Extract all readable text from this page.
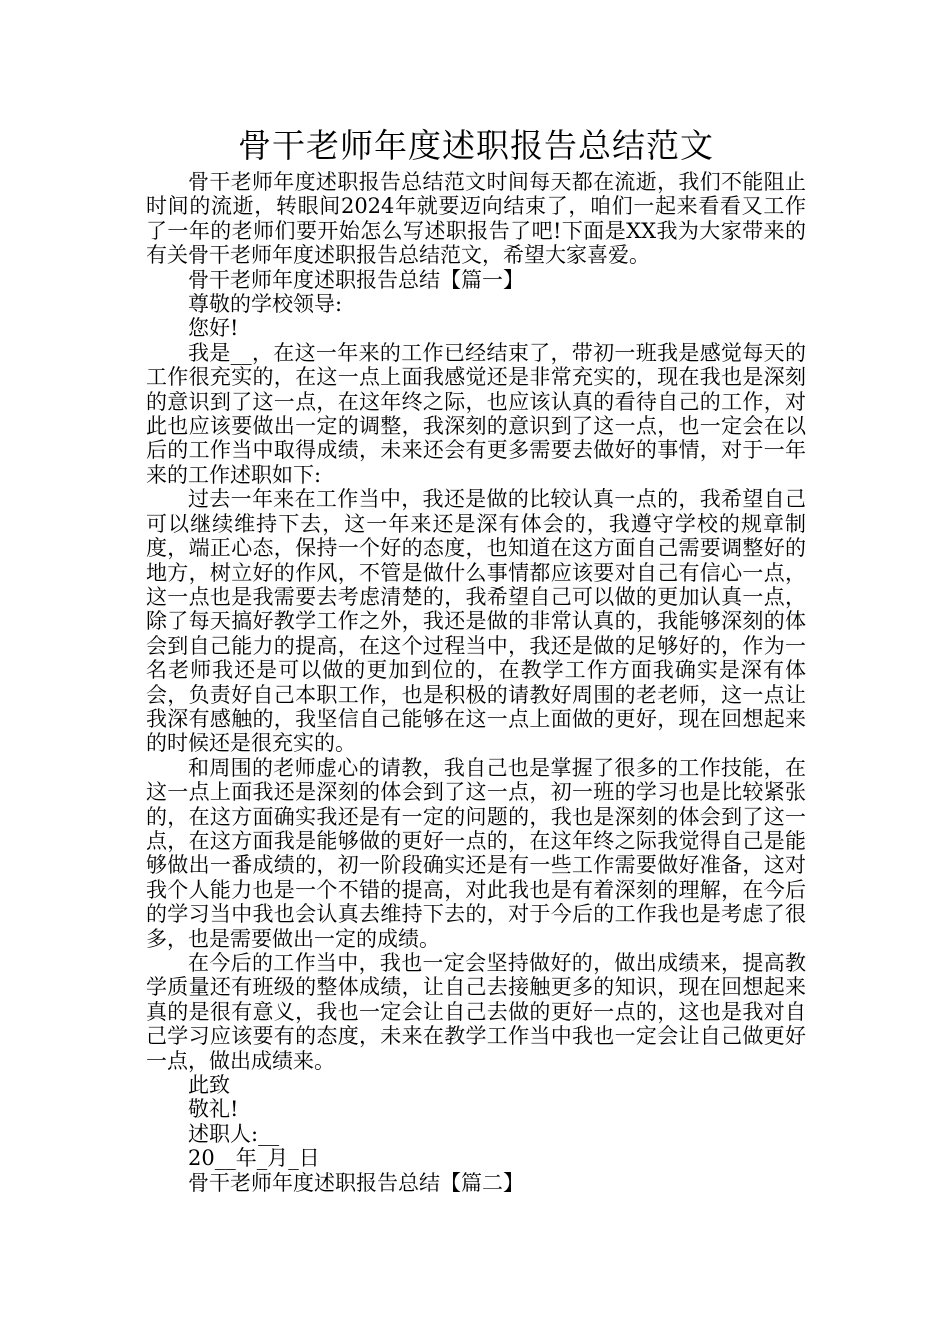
骨干老师年度述职报告总结范文

骨干老师年度述职报告总结范文时间每天都在流逝，我们不能阻止时间的流逝，转眼间2024年就要迈向结束了，咱们一起来看看又工作了一年的老师们要开始怎么写述职报告了吧!下面是XX我为大家带来的有关骨干老师年度述职报告总结范文，希望大家喜爱。

骨干老师年度述职报告总结【篇一】

尊敬的学校领导:

您好!

我是__，在这一年来的工作已经结束了，带初一班我是感觉每天的工作很充实的，在这一点上面我感觉还是非常充实的，现在我也是深刻的意识到了这一点，在这年终之际，也应该认真的看待自己的工作，对此也应该要做出一定的调整，我深刻的意识到了这一点，也一定会在以后的工作当中取得成绩，未来还会有更多需要去做好的事情，对于一年来的工作述职如下:

过去一年来在工作当中，我还是做的比较认真一点的，我希望自己可以继续维持下去，这一年来还是深有体会的，我遵守学校的规章制度，端正心态，保持一个好的态度，也知道在这方面自己需要调整好的地方，树立好的作风，不管是做什么事情都应该要对自己有信心一点，这一点也是我需要去考虑清楚的，我希望自己可以做的更加认真一点，除了每天搞好教学工作之外，我还是做的非常认真的，我能够深刻的体会到自己能力的提高，在这个过程当中，我还是做的足够好的，作为一名老师我还是可以做的更加到位的，在教学工作方面我确实是深有体会，负责好自己本职工作，也是积极的请教好周围的老老师，这一点让我深有感触的，我坚信自己能够在这一点上面做的更好，现在回想起来的时候还是很充实的。

和周围的老师虚心的请教，我自己也是掌握了很多的工作技能，在这一点上面我还是深刻的体会到了这一点，初一班的学习也是比较紧张的，在这方面确实我还是有一定的问题的，我也是深刻的体会到了这一点，在这方面我是能够做的更好一点的，在这年终之际我觉得自己是能够做出一番成绩的，初一阶段确实还是有一些工作需要做好准备，这对我个人能力也是一个不错的提高，对此我也是有着深刻的理解，在今后的学习当中我也会认真去维持下去的，对于今后的工作我也是考虑了很多，也是需要做出一定的成绩。

在今后的工作当中，我也一定会坚持做好的，做出成绩来，提高教学质量还有班级的整体成绩，让自己去接触更多的知识，现在回想起来真的是很有意义，我也一定会让自己去做的更好一点的，这也是我对自己学习应该要有的态度，未来在教学工作当中我也一定会让自己做更好一点，做出成绩来。

此致

敬礼!

述职人:__

20__年_月_日

骨干老师年度述职报告总结【篇二】
